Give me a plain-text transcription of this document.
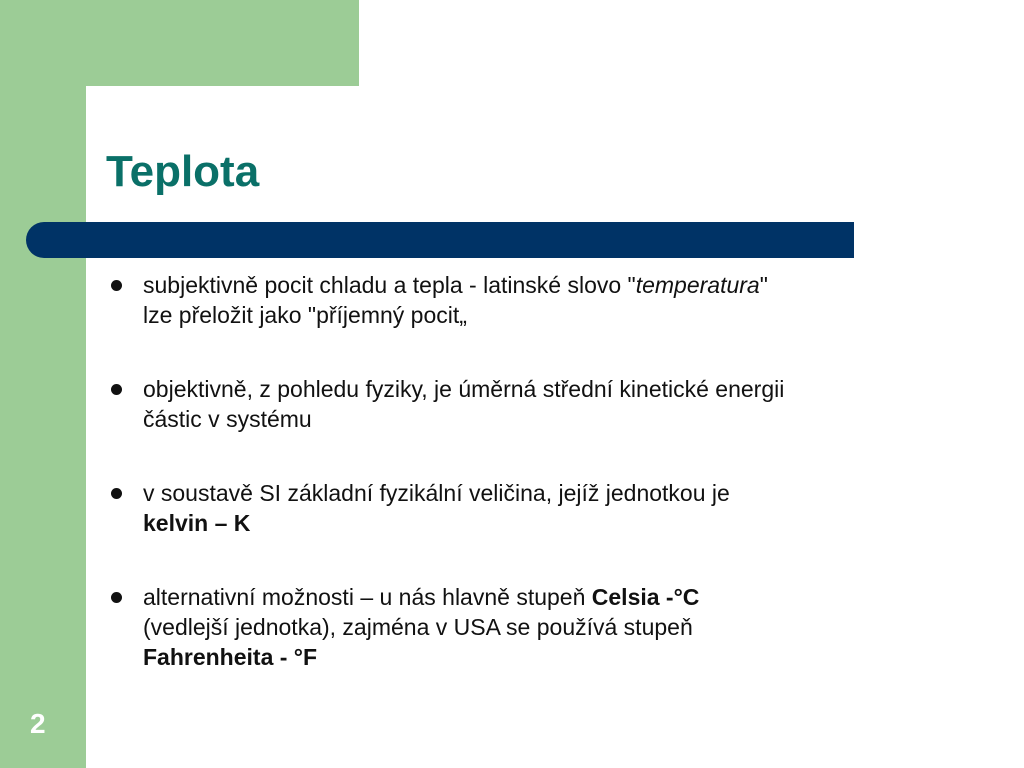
Teplota
subjektivně pocit chladu a tepla - latinské slovo "temperatura"
lze přeložit jako "příjemný pocit„
objektivně, z pohledu fyziky, je úměrná střední kinetické energii
částic v systému
v soustavě SI základní fyzikální veličina, jejíž jednotkou je
kelvin – K
alternativní možnosti – u nás hlavně stupeň Celsia -°C
(vedlejší jednotka), zajména v USA se používá stupeň
Fahrenheita - °F
2
